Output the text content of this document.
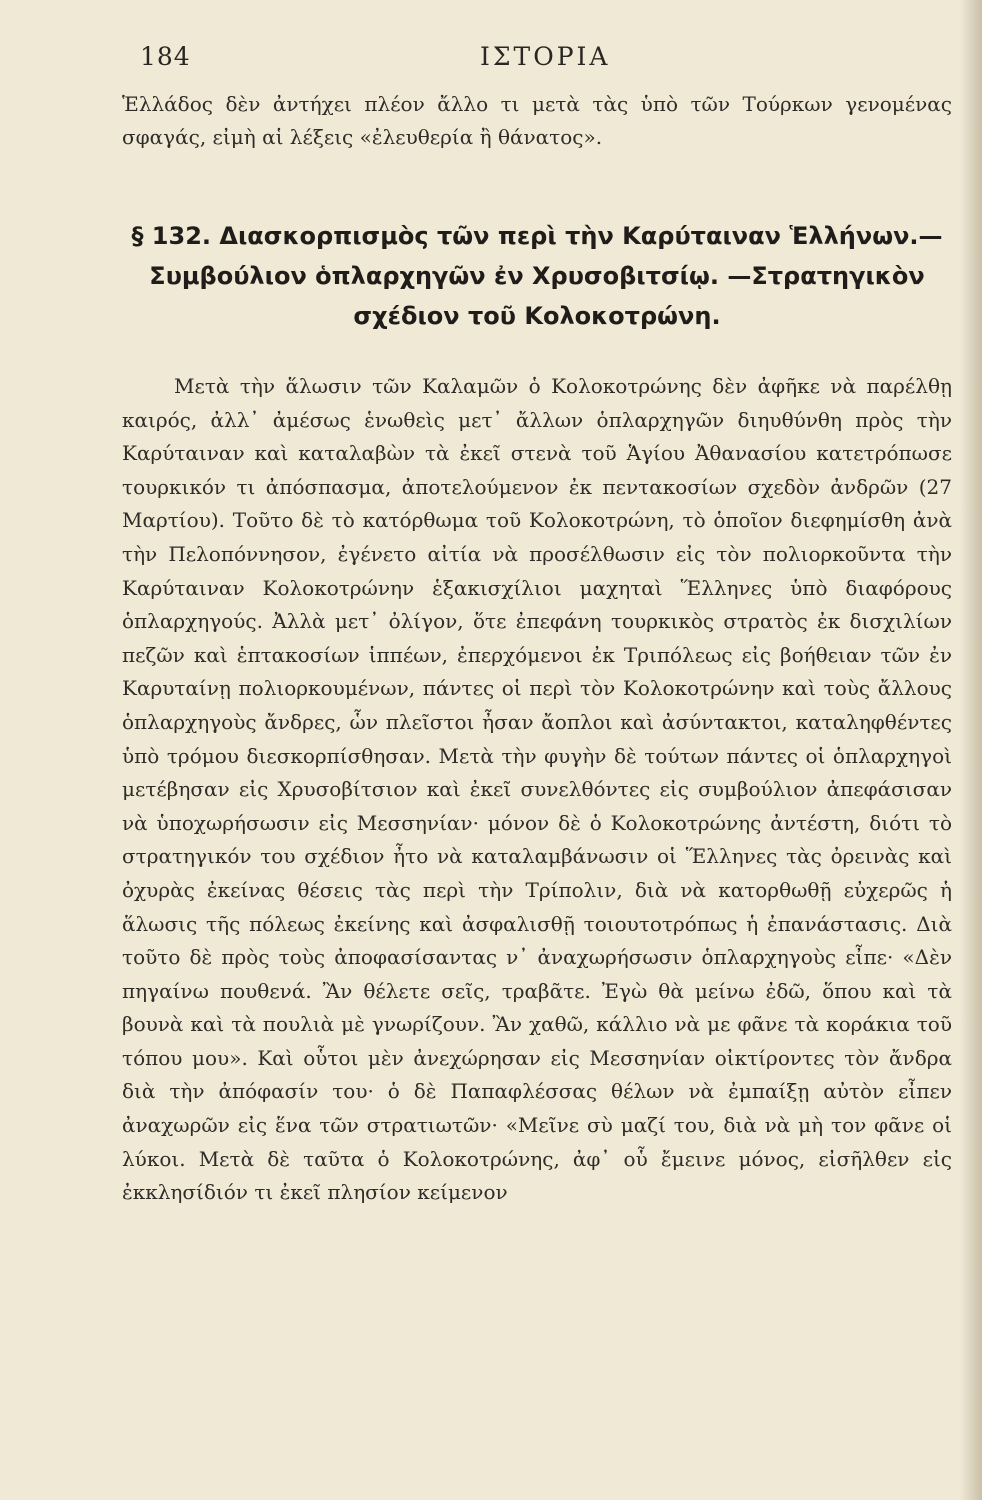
184	ΙΣΤΟΡΙΑ

Ἑλλάδος δὲν ἀντήχει πλέον ἄλλο τι μετὰ τὰς ὑπὸ τῶν Τούρκων γενομένας σφαγάς, εἰμὴ αἱ λέξεις «ἐλευθερία ἢ θάνατος».

§ 132. Διασκορπισμὸς τῶν περὶ τὴν Καρύταιναν Ἑλλήνων.—Συμβούλιον ὁπλαρχηγῶν ἐν Χρυσοβιτσίῳ. —Στρατηγικὸν σχέδιον τοῦ Κολοκοτρώνη.

Μετὰ τὴν ἅλωσιν τῶν Καλαμῶν ὁ Κολοκοτρώνης δὲν ἀφῆκε νὰ παρέλθῃ καιρός, ἀλλ᾽ ἀμέσως ἑνωθεὶς μετ᾽ ἄλλων ὁπλαρχηγῶν διηυθύνθη πρὸς τὴν Καρύταιναν καὶ καταλαβὼν τὰ ἐκεῖ στενὰ τοῦ Ἁγίου Ἀθανασίου κατετρόπωσε τουρκικόν τι ἀπόσπασμα, ἀποτελούμενον ἐκ πεντακοσίων σχεδὸν ἀνδρῶν (27 Μαρτίου). Τοῦτο δὲ τὸ κατόρθωμα τοῦ Κολοκοτρώνη, τὸ ὁποῖον διεφημίσθη ἀνὰ τὴν Πελοπόννησον, ἐγένετο αἰτία νὰ προσέλθωσιν εἰς τὸν πολιορκοῦντα τὴν Καρύταιναν Κολοκοτρώνην ἑξακισχίλιοι μαχηταὶ Ἕλληνες ὑπὸ διαφόρους ὁπλαρχηγούς. Ἀλλὰ μετ᾽ ὀλίγον, ὅτε ἐπεφάνη τουρκικὸς στρατὸς ἐκ δισχιλίων πεζῶν καὶ ἑπτακοσίων ἱππέων, ἐπερχόμενοι ἐκ Τριπόλεως εἰς βοήθειαν τῶν ἐν Καρυταίνῃ πολιορκουμένων, πάντες οἱ περὶ τὸν Κολοκοτρώνην καὶ τοὺς ἄλλους ὁπλαρχηγοὺς ἄνδρες, ὧν πλεῖστοι ἦσαν ἄοπλοι καὶ ἀσύντακτοι, καταληφθέντες ὑπὸ τρόμου διεσκορπίσθησαν. Μετὰ τὴν φυγὴν δὲ τούτων πάντες οἱ ὁπλαρχηγοὶ μετέβησαν εἰς Χρυσοβίτσιον καὶ ἐκεῖ συνελθόντες εἰς συμβούλιον ἀπεφάσισαν νὰ ὑποχωρήσωσιν εἰς Μεσσηνίαν· μόνον δὲ ὁ Κολοκοτρώνης ἀντέστη, διότι τὸ στρατηγικόν του σχέδιον ἦτο νὰ καταλαμβάνωσιν οἱ Ἕλληνες τὰς ὀρεινὰς καὶ ὀχυρὰς ἐκείνας θέσεις τὰς περὶ τὴν Τρίπολιν, διὰ νὰ κατορθωθῇ εὐχερῶς ἡ ἅλωσις τῆς πόλεως ἐκείνης καὶ ἀσφαλισθῇ τοιουτοτρόπως ἡ ἐπανάστασις. Διὰ τοῦτο δὲ πρὸς τοὺς ἀποφασίσαντας ν᾽ ἀναχωρήσωσιν ὁπλαρχηγοὺς εἶπε· «Δὲν πηγαίνω πουθενά. Ἂν θέλετε σεῖς, τραβᾶτε. Ἐγὼ θὰ μείνω ἐδῶ, ὅπου καὶ τὰ βουνὰ καὶ τὰ πουλιὰ μὲ γνωρίζουν. Ἂν χαθῶ, κάλλιο νὰ με φᾶνε τὰ κοράκια τοῦ τόπου μου». Καὶ οὗτοι μὲν ἀνεχώρησαν εἰς Μεσσηνίαν οἰκτίροντες τὸν ἄνδρα διὰ τὴν ἀπόφασίν του· ὁ δὲ Παπαφλέσσας θέλων νὰ ἐμπαίξῃ αὐτὸν εἶπεν ἀναχωρῶν εἰς ἕνα τῶν στρατιωτῶν· «Μεῖνε σὺ μαζί του, διὰ νὰ μὴ τον φᾶνε οἱ λύκοι. Μετὰ δὲ ταῦτα ὁ Κολοκοτρώνης, ἀφ᾽ οὗ ἔμεινε μόνος, εἰσῆλθεν εἰς ἐκκλησίδιόν τι ἐκεῖ πλησίον κείμενον
